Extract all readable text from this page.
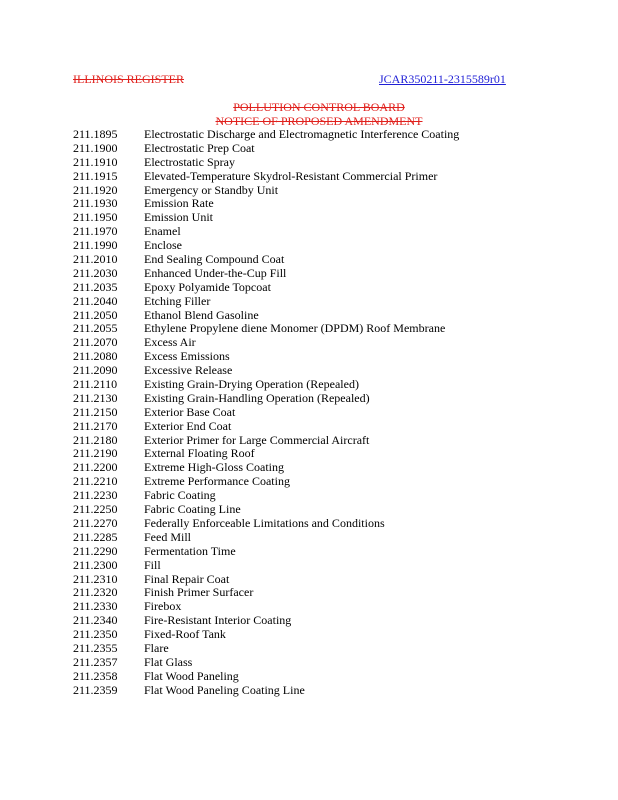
ILLINOIS REGISTER	JCAR350211-2315589r01
POLLUTION CONTROL BOARD
NOTICE OF PROPOSED AMENDMENT
211.1895 Electrostatic Discharge and Electromagnetic Interference Coating
211.1900 Electrostatic Prep Coat
211.1910 Electrostatic Spray
211.1915 Elevated-Temperature Skydrol-Resistant Commercial Primer
211.1920 Emergency or Standby Unit
211.1930 Emission Rate
211.1950 Emission Unit
211.1970 Enamel
211.1990 Enclose
211.2010 End Sealing Compound Coat
211.2030 Enhanced Under-the-Cup Fill
211.2035 Epoxy Polyamide Topcoat
211.2040 Etching Filler
211.2050 Ethanol Blend Gasoline
211.2055 Ethylene Propylene diene Monomer (DPDM) Roof Membrane
211.2070 Excess Air
211.2080 Excess Emissions
211.2090 Excessive Release
211.2110 Existing Grain-Drying Operation (Repealed)
211.2130 Existing Grain-Handling Operation (Repealed)
211.2150 Exterior Base Coat
211.2170 Exterior End Coat
211.2180 Exterior Primer for Large Commercial Aircraft
211.2190 External Floating Roof
211.2200 Extreme High-Gloss Coating
211.2210 Extreme Performance Coating
211.2230 Fabric Coating
211.2250 Fabric Coating Line
211.2270 Federally Enforceable Limitations and Conditions
211.2285 Feed Mill
211.2290 Fermentation Time
211.2300 Fill
211.2310 Final Repair Coat
211.2320 Finish Primer Surfacer
211.2330 Firebox
211.2340 Fire-Resistant Interior Coating
211.2350 Fixed-Roof Tank
211.2355 Flare
211.2357 Flat Glass
211.2358 Flat Wood Paneling
211.2359 Flat Wood Paneling Coating Line
